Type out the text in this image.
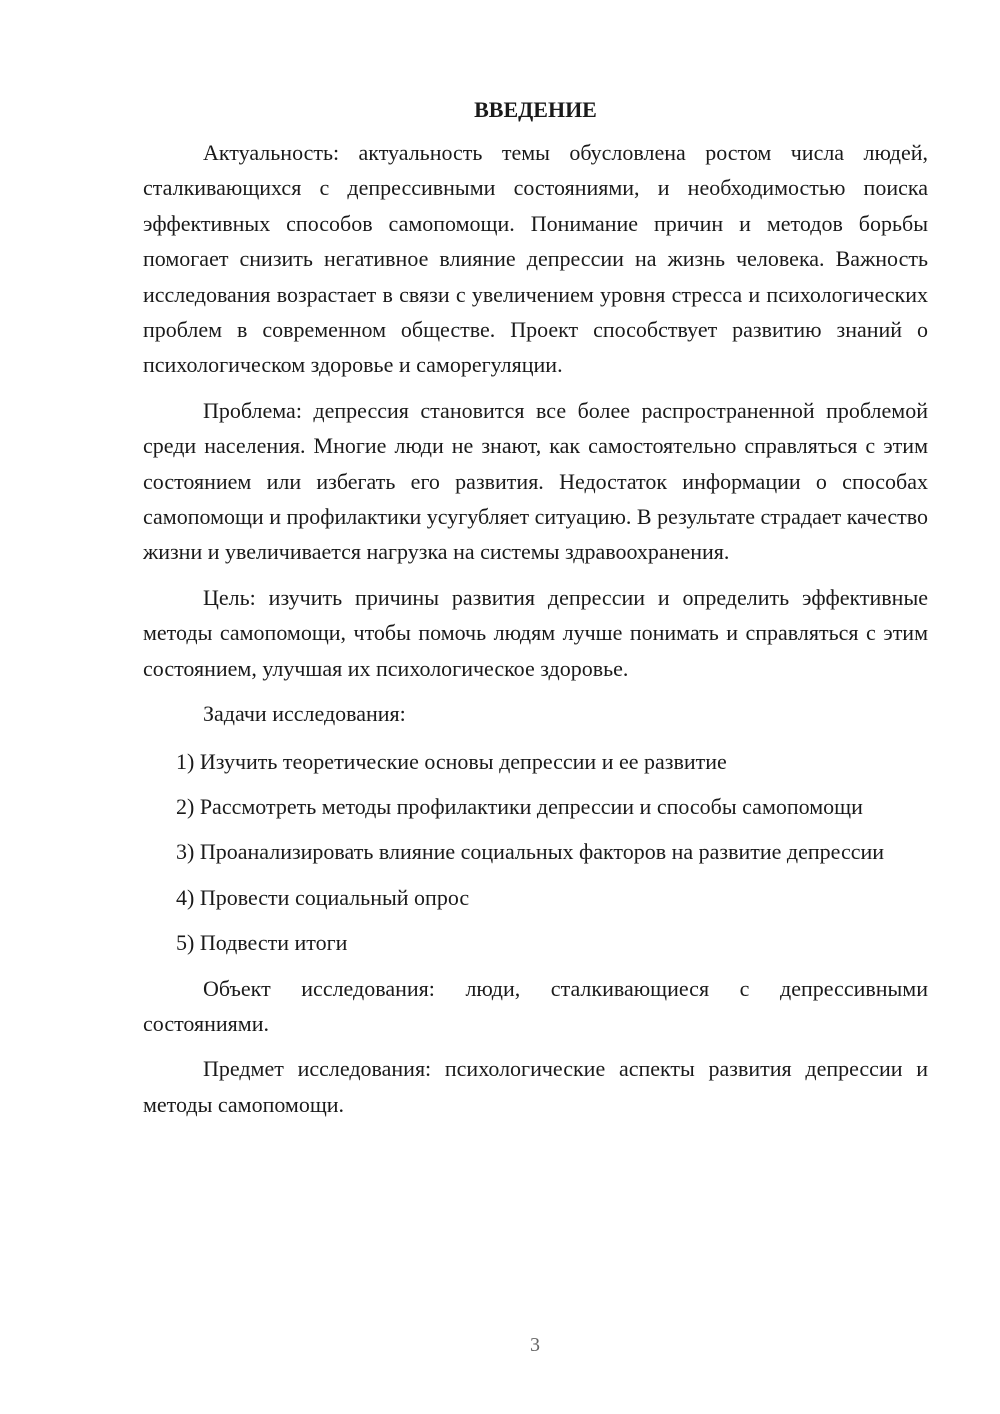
ВВЕДЕНИЕ

Актуальность: актуальность темы обусловлена ростом числа людей, сталкивающихся с депрессивными состояниями, и необходимостью поиска эффективных способов самопомощи. Понимание причин и методов борьбы помогает снизить негативное влияние депрессии на жизнь человека. Важность исследования возрастает в связи с увеличением уровня стресса и психологических проблем в современном обществе. Проект способствует развитию знаний о психологическом здоровье и саморегуляции.

Проблема: депрессия становится все более распространенной проблемой среди населения. Многие люди не знают, как самостоятельно справляться с этим состоянием или избегать его развития. Недостаток информации о способах самопомощи и профилактики усугубляет ситуацию. В результате страдает качество жизни и увеличивается нагрузка на системы здравоохранения.

Цель: изучить причины развития депрессии и определить эффективные методы самопомощи, чтобы помочь людям лучше понимать и справляться с этим состоянием, улучшая их психологическое здоровье.

Задачи исследования:

1) Изучить теоретические основы депрессии и ее развитие

2) Рассмотреть методы профилактики депрессии и способы самопомощи

3) Проанализировать влияние социальных факторов на развитие депрессии

4) Провести социальный опрос

5) Подвести итоги

Объект исследования: люди, сталкивающиеся с депрессивными состояниями.

Предмет исследования: психологические аспекты развития депрессии и методы самопомощи.

3
